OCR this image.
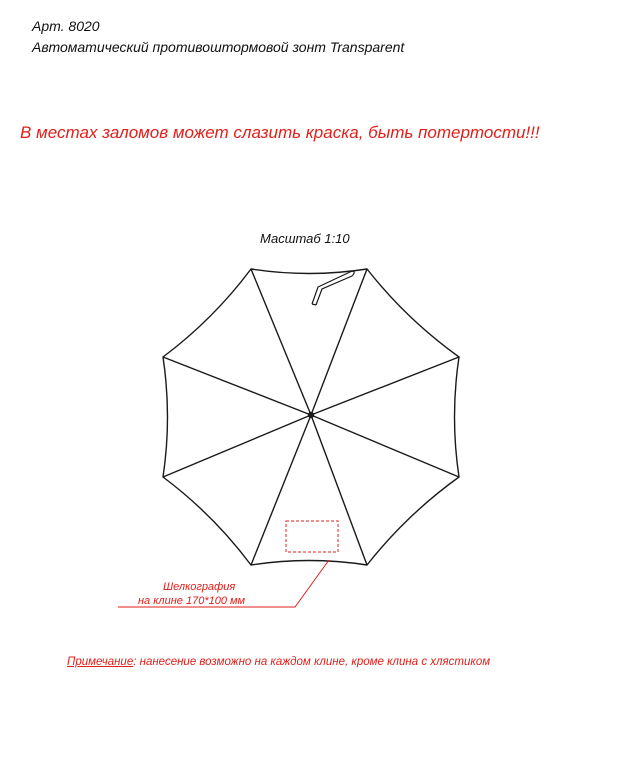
Арт. 8020

Автоматический противоштормовой зонт Transparent

В местах заломов может слазить краска, быть потертости!!!

Масштаб 1:10

Шелкография

на клине 170*100 мм

Примечание: нанесение возможно на каждом клине, кроме клина с хлястиком
